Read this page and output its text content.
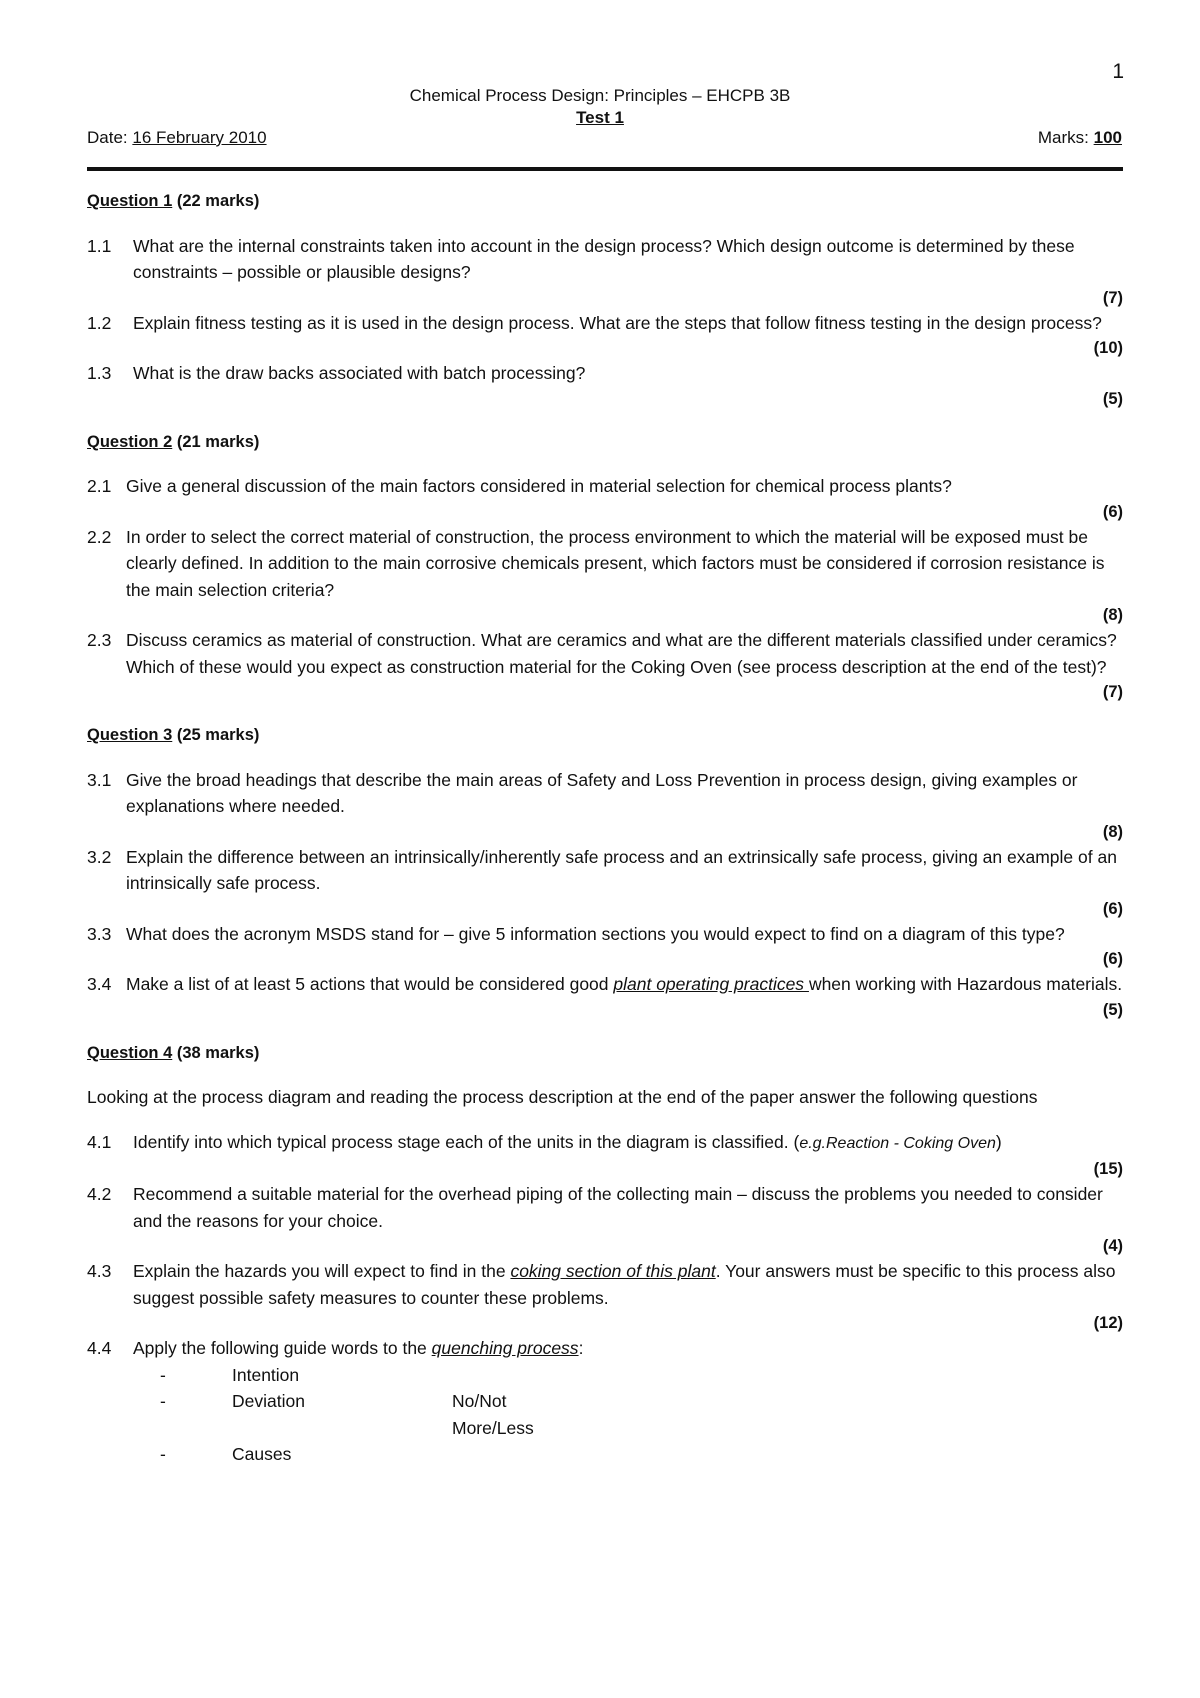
1
Chemical Process Design: Principles – EHCPB 3B
Test 1
Date: 16 February 2010	Marks: 100
Question 1 (22 marks)
1.1	What are the internal constraints taken into account in the design process? Which design outcome is determined by these constraints – possible or plausible designs?
(7)
1.2	Explain fitness testing as it is used in the design process. What are the steps that follow fitness testing in the design process?
(10)
1.3	What is the draw backs associated with batch processing?
(5)
Question 2 (21 marks)
2.1 Give a general discussion of the main factors considered in material selection for chemical process plants?
(6)
2.2 In order to select the correct material of construction, the process environment to which the material will be exposed must be clearly defined. In addition to the main corrosive chemicals present, which factors must be considered if corrosion resistance is the main selection criteria?
(8)
2.3 Discuss ceramics as material of construction. What are ceramics and what are the different materials classified under ceramics? Which of these would you expect as construction material for the Coking Oven (see process description at the end of the test)?
(7)
Question 3 (25 marks)
3.1 Give the broad headings that describe the main areas of Safety and Loss Prevention in process design, giving examples or explanations where needed.
(8)
3.2 Explain the difference between an intrinsically/inherently safe process and an extrinsically safe process, giving an example of an intrinsically safe process.
(6)
3.3 What does the acronym MSDS stand for – give 5 information sections you would expect to find on a diagram of this type?
(6)
3.4 Make a list of at least 5 actions that would be considered good plant operating practices when working with Hazardous materials.
(5)
Question 4 (38 marks)

Looking at the process diagram and reading the process description at the end of the paper answer the following questions

4.1	Identify into which typical process stage each of the units in the diagram is classified. (e.g.Reaction - Coking Oven)
(15)
4.2	Recommend a suitable material for the overhead piping of the collecting main – discuss the problems you needed to consider and the reasons for your choice.
(4)
4.3	Explain the hazards you will expect to find in the coking section of this plant. Your answers must be specific to this process also suggest possible safety measures to counter these problems.
(12)
4.4	Apply the following guide words to the quenching process:
-	Intention
-	Deviation	No/Not
More/Less
-	Causes
